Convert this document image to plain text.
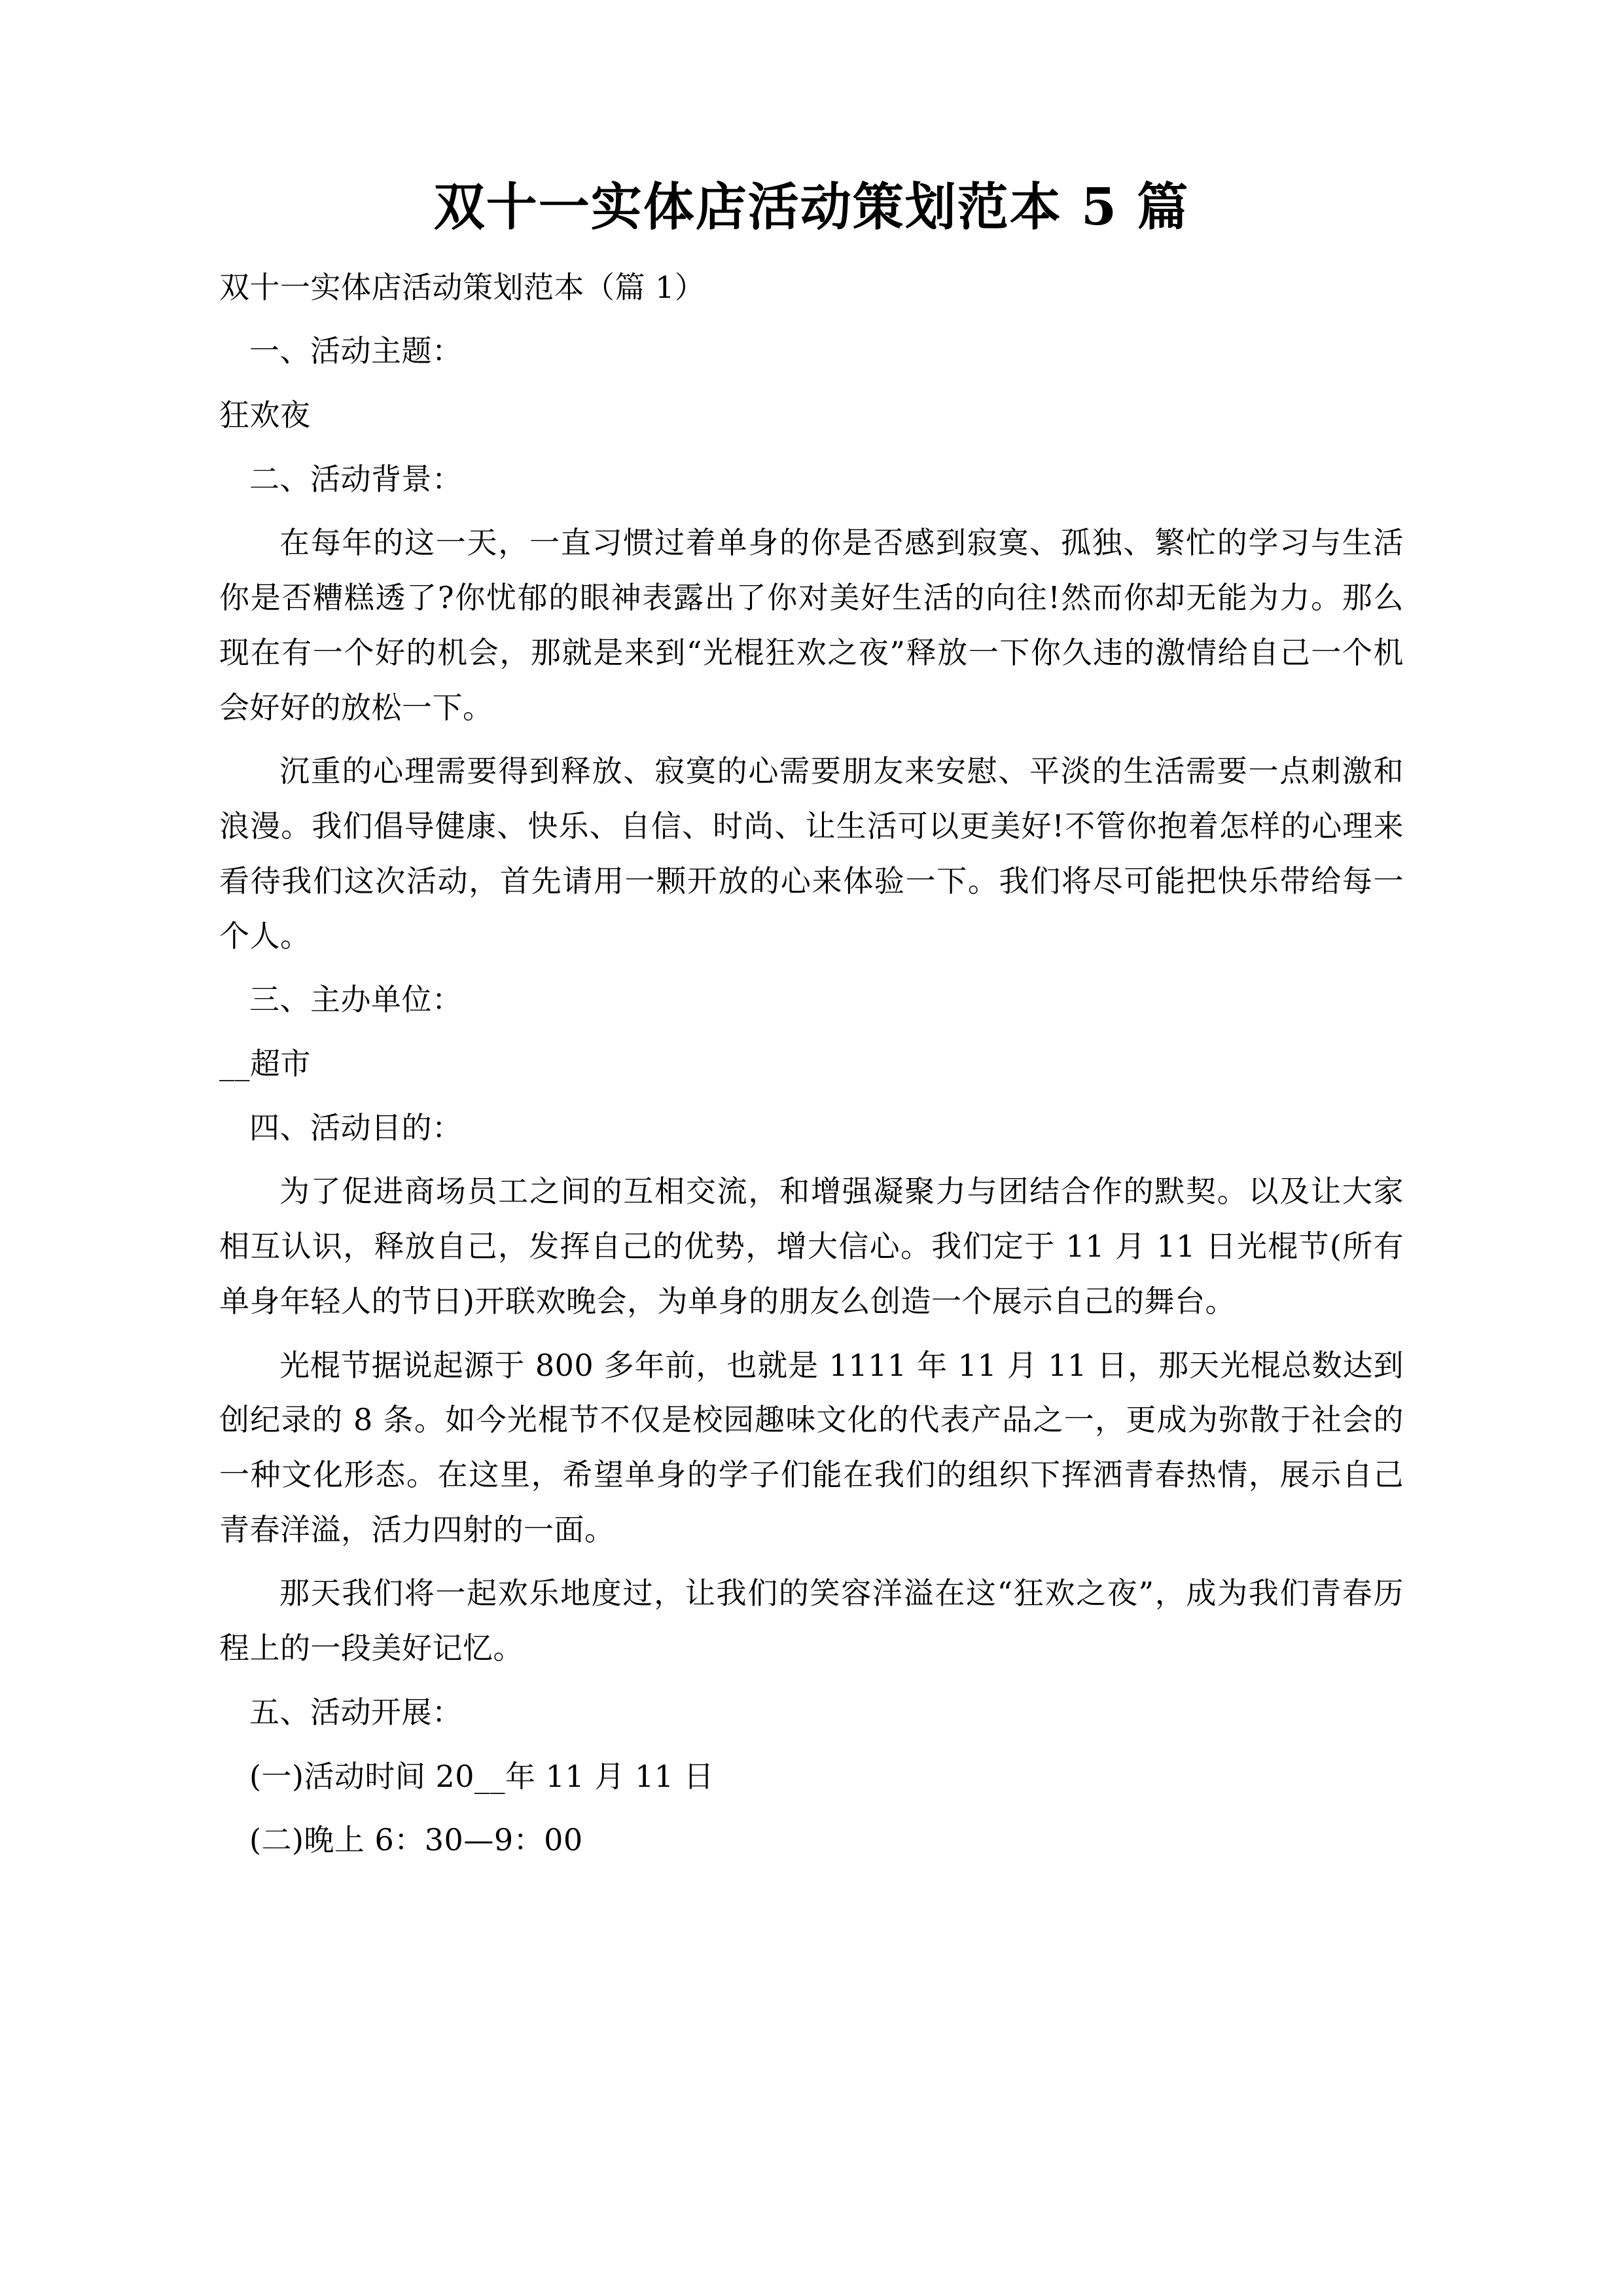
双十一实体店活动策划范本 5 篇

双十一实体店活动策划范本（篇 1）

一、活动主题：

狂欢夜

二、活动背景：

在每年的这一天，一直习惯过着单身的你是否感到寂寞、孤独、繁忙的学习与生活你是否糟糕透了?你忧郁的眼神表露出了你对美好生活的向往!然而你却无能为力。那么现在有一个好的机会，那就是来到“光棍狂欢之夜”释放一下你久违的激情给自己一个机会好好的放松一下。

沉重的心理需要得到释放、寂寞的心需要朋友来安慰、平淡的生活需要一点刺激和浪漫。我们倡导健康、快乐、自信、时尚、让生活可以更美好!不管你抱着怎样的心理来看待我们这次活动，首先请用一颗开放的心来体验一下。我们将尽可能把快乐带给每一个人。

三、主办单位：

__超市

四、活动目的：

为了促进商场员工之间的互相交流，和增强凝聚力与团结合作的默契。以及让大家相互认识，释放自己，发挥自己的优势，增大信心。我们定于 11 月 11 日光棍节(所有单身年轻人的节日)开联欢晚会，为单身的朋友么创造一个展示自己的舞台。

光棍节据说起源于 800 多年前，也就是 1111 年 11 月 11 日，那天光棍总数达到创纪录的 8 条。如今光棍节不仅是校园趣味文化的代表产品之一，更成为弥散于社会的一种文化形态。在这里，希望单身的学子们能在我们的组织下挥洒青春热情，展示自己青春洋溢，活力四射的一面。

那天我们将一起欢乐地度过，让我们的笑容洋溢在这“狂欢之夜”，成为我们青春历程上的一段美好记忆。

五、活动开展：

(一)活动时间 20__年 11 月 11 日

(二)晚上 6：30—9：00
